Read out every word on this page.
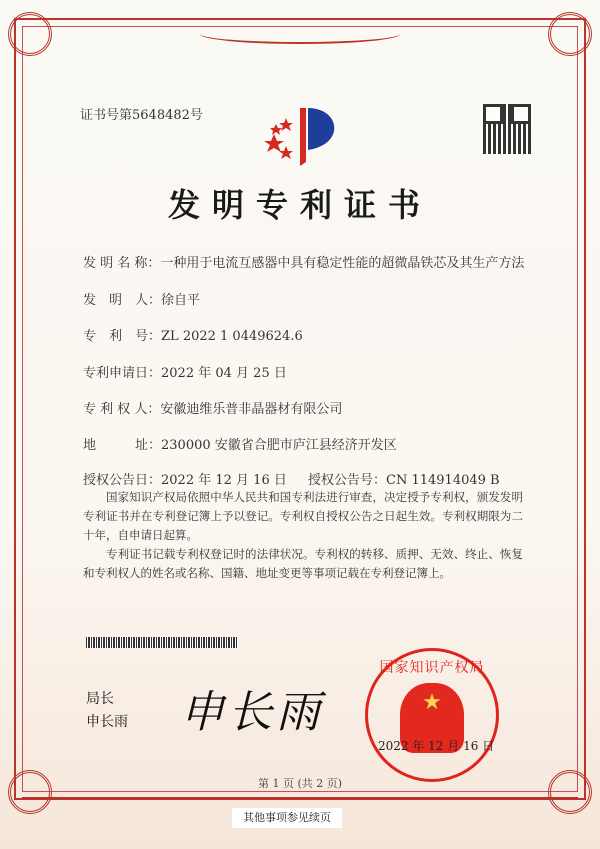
证书号第5648482号
发明专利证书
发 明 名 称：一种用于电流互感器中具有稳定性能的超微晶铁芯及其生产方法
发　明　人：徐自平
专　利　号：ZL 2022 1 0449624.6
专利申请日：2022 年 04 月 25 日
专 利 权 人：安徽迪维乐普非晶器材有限公司
地　　　址：230000 安徽省合肥市庐江县经济开发区
授权公告日：2022 年 12 月 16 日 授权公告号：CN 114914049 B
国家知识产权局依照中华人民共和国专利法进行审查，决定授予专利权，颁发发明专利证书并在专利登记簿上予以登记。专利权自授权公告之日起生效。专利权期限为二十年，自申请日起算。
专利证书记载专利权登记时的法律状况。专利权的转移、质押、无效、终止、恢复和专利权人的姓名或名称、国籍、地址变更等事项记载在专利登记簿上。
局长
申长雨 申长雨
国家知识产权局
★
2022 年 12 月 16 日
第 1 页 (共 2 页)
其他事项参见续页
